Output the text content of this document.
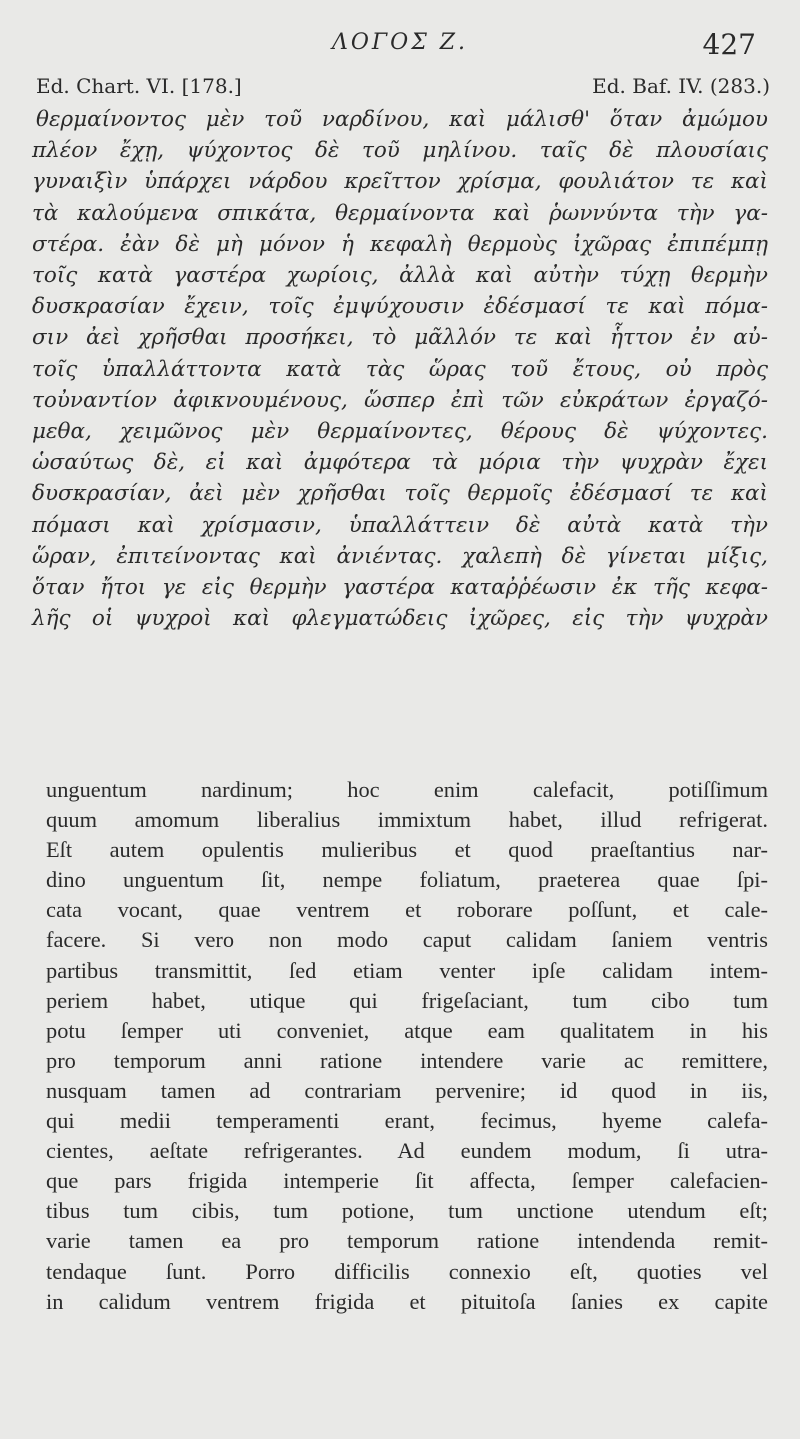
ΛΟΓΟΣ Ζ.	427
Ed. Chart. VI. [178.]	Ed. Baf. IV. (283.)
θερμαίνοντος μὲν τοῦ ναρδίνου, καὶ μάλισθ' ὅταν ἀμώμου
πλέον ἔχῃ, ψύχοντος δὲ τοῦ μηλίνου. ταῖς δὲ πλουσίαις
γυναιξὶν ὑπάρχει νάρδου κρεῖττον χρίσμα, φουλιάτον τε καὶ
τὰ καλούμενα σπικάτα, θερμαίνοντα καὶ ῥωννύντα τὴν γα-
στέρα. ἐὰν δὲ μὴ μόνον ἡ κεφαλὴ θερμοὺς ἰχῶρας ἐπιπέμπῃ
τοῖς κατὰ γαστέρα χωρίοις, ἀλλὰ καὶ αὐτὴν τύχῃ θερμὴν
δυσκρασίαν ἔχειν, τοῖς ἐμψύχουσιν ἐδέσμασί τε καὶ πόμα-
σιν ἀεὶ χρῆσθαι προσήκει, τὸ μᾶλλόν τε καὶ ἧττον ἐν αὐ-
τοῖς ὑπαλλάττοντα κατὰ τὰς ὥρας τοῦ ἔτους, οὐ πρὸς
τοὐναντίον ἀφικνουμένους, ὥσπερ ἐπὶ τῶν εὐκράτων ἐργαζό-
μεθα, χειμῶνος μὲν θερμαίνοντες, θέρους δὲ ψύχοντες.
ὡσαύτως δὲ, εἰ καὶ ἀμφότερα τὰ μόρια τὴν ψυχρὰν ἔχει
δυσκρασίαν, ἀεὶ μὲν χρῆσθαι τοῖς θερμοῖς ἐδέσμασί τε καὶ
πόμασι καὶ χρίσμασιν, ὑπαλλάττειν δὲ αὐτὰ κατὰ τὴν
ὥραν, ἐπιτείνοντας καὶ ἀνιέντας. χαλεπὴ δὲ γίνεται μίξις,
ὅταν ἤτοι γε εἰς θερμὴν γαστέρα καταῤῥέωσιν ἐκ τῆς κεφα-
λῆς οἱ ψυχροὶ καὶ φλεγματώδεις ἰχῶρες, εἰς τὴν ψυχρὰν
unguentum nardinum; hoc enim calefacit, potiſſimum
quum amomum liberalius immixtum habet, illud refrigerat.
Eſt autem opulentis mulieribus et quod praeſtantius nar-
dino unguentum ſit, nempe foliatum, praeterea quae ſpi-
cata vocant, quae ventrem et roborare poſſunt, et cale-
facere. Si vero non modo caput calidam ſaniem ventris
partibus transmittit, ſed etiam venter ipſe calidam intem-
periem habet, utique qui frigeſaciant, tum cibo tum
potu ſemper uti conveniet, atque eam qualitatem in his
pro temporum anni ratione intendere varie ac remittere,
nusquam tamen ad contrariam pervenire; id quod in iis,
qui medii temperamenti erant, fecimus, hyeme calefa-
cientes, aeſtate refrigerantes. Ad eundem modum, ſi utra-
que pars frigida intemperie ſit affecta, ſemper calefacien-
tibus tum cibis, tum potione, tum unctione utendum eſt;
varie tamen ea pro temporum ratione intendenda remit-
tendaque ſunt. Porro difficilis connexio eſt, quoties vel
in calidum ventrem frigida et pituitoſa ſanies ex capite
